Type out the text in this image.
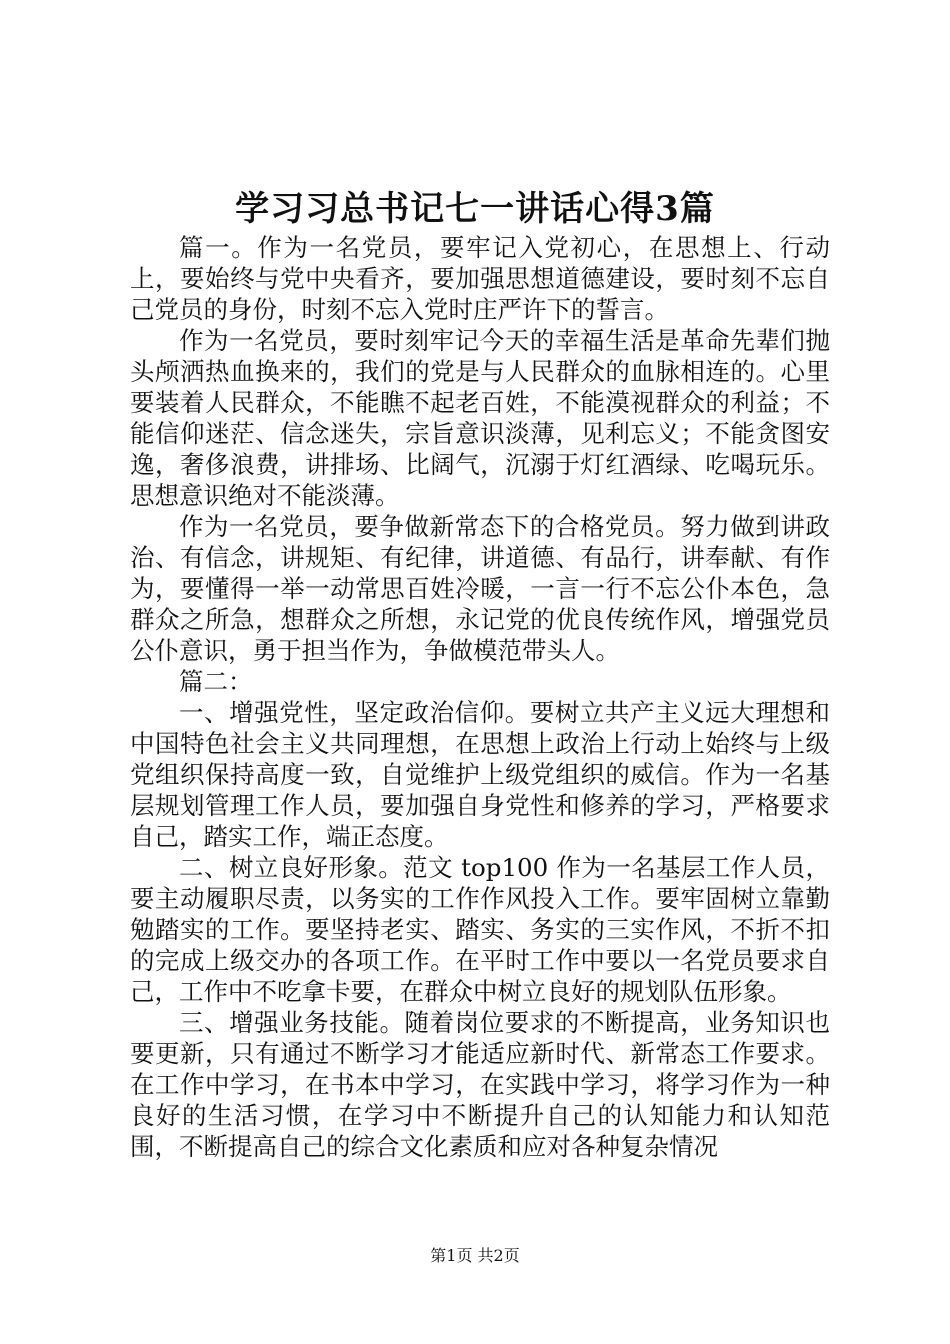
学习习总书记七一讲话心得3篇

篇一。作为一名党员，要牢记入党初心，在思想上、行动上，要始终与党中央看齐，要加强思想道德建设，要时刻不忘自己党员的身份，时刻不忘入党时庄严许下的誓言。

作为一名党员，要时刻牢记今天的幸福生活是革命先辈们抛头颅洒热血换来的，我们的党是与人民群众的血脉相连的。心里要装着人民群众，不能瞧不起老百姓，不能漠视群众的利益；不能信仰迷茫、信念迷失，宗旨意识淡薄，见利忘义；不能贪图安逸，奢侈浪费，讲排场、比阔气，沉溺于灯红酒绿、吃喝玩乐。思想意识绝对不能淡薄。

作为一名党员，要争做新常态下的合格党员。努力做到讲政治、有信念，讲规矩、有纪律，讲道德、有品行，讲奉献、有作为，要懂得一举一动常思百姓冷暖，一言一行不忘公仆本色，急群众之所急，想群众之所想，永记党的优良传统作风，增强党员公仆意识，勇于担当作为，争做模范带头人。

篇二：

一、增强党性，坚定政治信仰。要树立共产主义远大理想和中国特色社会主义共同理想，在思想上政治上行动上始终与上级党组织保持高度一致，自觉维护上级党组织的威信。作为一名基层规划管理工作人员，要加强自身党性和修养的学习，严格要求自己，踏实工作，端正态度。

二、树立良好形象。范文 top100 作为一名基层工作人员，要主动履职尽责，以务实的工作作风投入工作。要牢固树立靠勤勉踏实的工作。要坚持老实、踏实、务实的三实作风，不折不扣的完成上级交办的各项工作。在平时工作中要以一名党员要求自己，工作中不吃拿卡要，在群众中树立良好的规划队伍形象。

三、增强业务技能。随着岗位要求的不断提高，业务知识也要更新，只有通过不断学习才能适应新时代、新常态工作要求。在工作中学习，在书本中学习，在实践中学习，将学习作为一种良好的生活习惯，在学习中不断提升自己的认知能力和认知范围，不断提高自己的综合文化素质和应对各种复杂情况

第1页 共2页
